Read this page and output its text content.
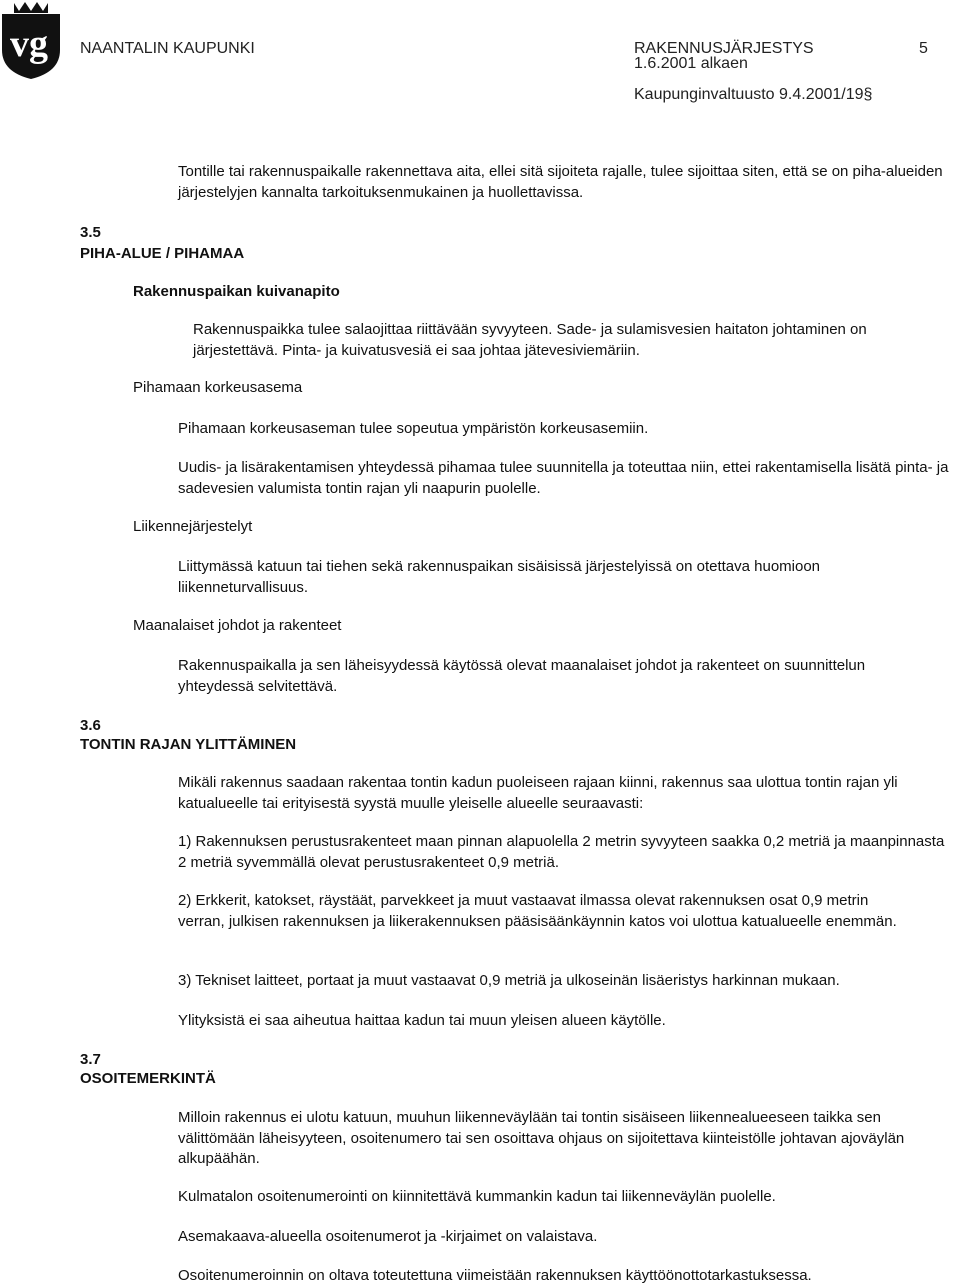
vg NAANTALIN KAUPUNKI	RAKENNUSJÄRJESTYS	5
1.6.2001 alkaen
Kaupunginvaltuusto 9.4.2001/19§

Tontille tai rakennuspaikalle rakennettava aita, ellei sitä sijoiteta rajalle, tulee sijoittaa siten, että se on piha-alueiden järjestelyjen kannalta tarkoituksenmukainen ja huollettavissa.

3.5
PIHA-ALUE / PIHAMAA
Rakennuspaikan kuivanapito

Rakennuspaikka tulee salaojittaa riittävään syvyyteen. Sade- ja sulamisvesien haitaton johtaminen on järjestettävä. Pinta- ja kuivatusvesiä ei saa johtaa jätevesiviemäriin.

Pihamaan korkeusasema

Pihamaan korkeusaseman tulee sopeutua ympäristön korkeusasemiin.

Uudis- ja lisärakentamisen yhteydessä pihamaa tulee suunnitella ja toteuttaa niin, ettei rakentamisella lisätä pinta- ja sadevesien valumista tontin rajan yli naapurin puolelle.

Liikennejärjestelyt

Liittymässä katuun tai tiehen sekä rakennuspaikan sisäisissä järjestelyissä on otettava huomioon liikenneturvallisuus.

Maanalaiset johdot ja rakenteet

Rakennuspaikalla ja sen läheisyydessä käytössä olevat maanalaiset johdot ja rakenteet on suunnittelun yhteydessä selvitettävä.

3.6
TONTIN RAJAN YLITTÄMINEN

Mikäli rakennus saadaan rakentaa tontin kadun puoleiseen rajaan kiinni, rakennus saa ulottua tontin rajan yli katualueelle tai erityisestä syystä muulle yleiselle alueelle seuraavasti:

1) Rakennuksen perustusrakenteet maan pinnan alapuolella 2 metrin syvyyteen saakka 0,2 metriä ja maanpinnasta 2 metriä syvemmällä olevat perustusrakenteet 0,9 metriä.

2) Erkkerit, katokset, räystäät, parvekkeet ja muut vastaavat ilmassa olevat rakennuksen osat 0,9 metrin verran, julkisen rakennuksen ja liikerakennuksen pääsisäänkäynnin katos voi ulottua katualueelle enemmän.

3) Tekniset laitteet, portaat ja muut vastaavat 0,9 metriä ja ulkoseinän lisäeristys harkinnan mukaan.

Ylityksistä ei saa aiheutua haittaa kadun tai muun yleisen alueen käytölle.

3.7
OSOITEMERKINTÄ

Milloin rakennus ei ulotu katuun, muuhun liikenneväylään tai tontin sisäiseen liikennealueeseen taikka sen välittömään läheisyyteen, osoitenumero tai sen osoittava ohjaus on sijoitettava kiinteistölle johtavan ajoväylän alkupäähän.

Kulmatalon osoitenumerointi on kiinnitettävä kummankin kadun tai liikenneväylän puolelle.

Asemakaava-alueella osoitenumerot ja -kirjaimet on valaistava.

Osoitenumeroinnin on oltava toteutettuna viimeistään rakennuksen käyttöönottotarkastuksessa.
